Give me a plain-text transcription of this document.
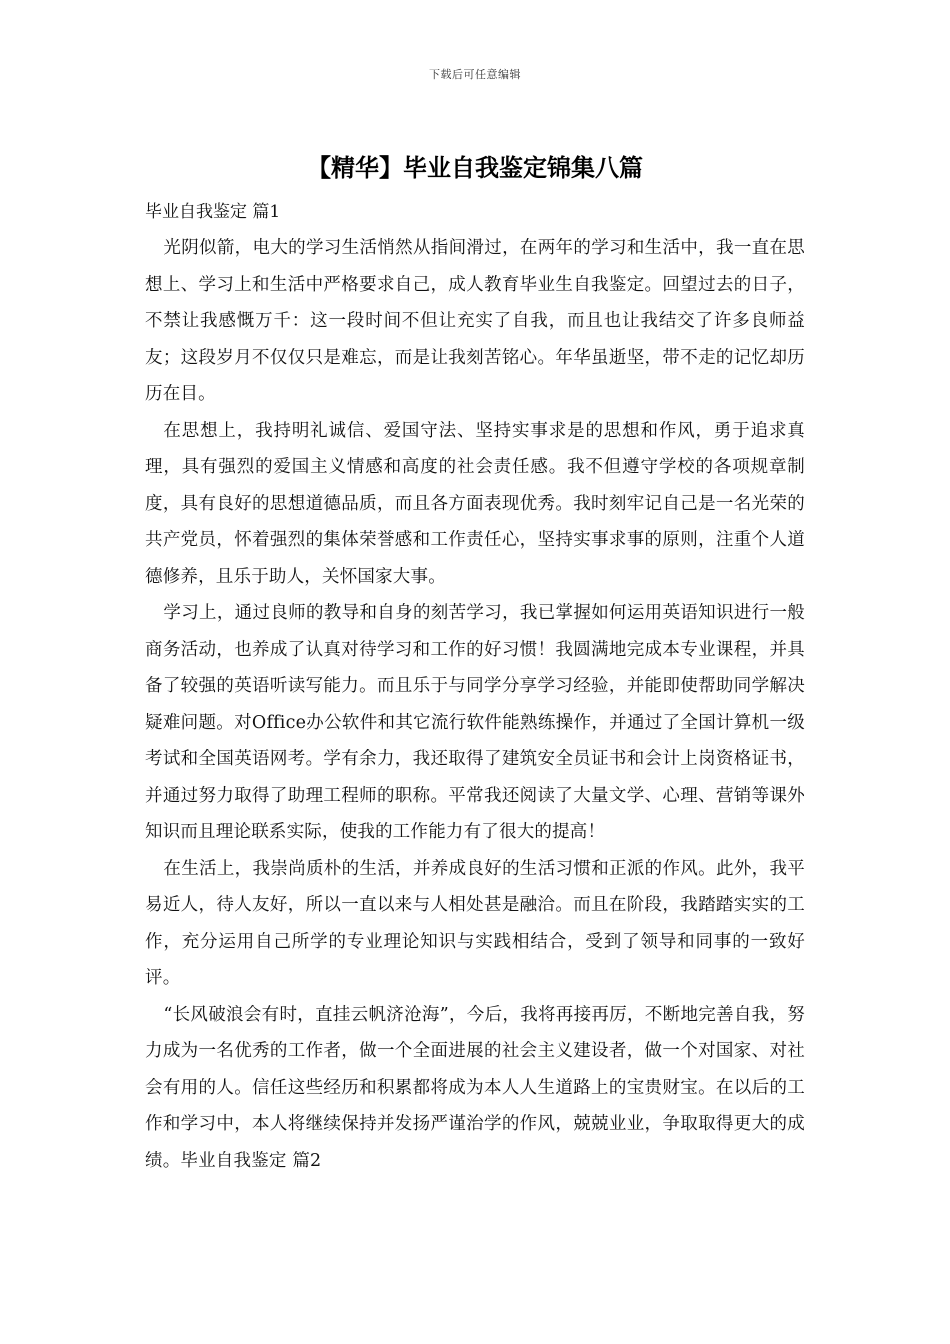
下载后可任意编辑
【精华】毕业自我鉴定锦集八篇
毕业自我鉴定 篇1

光阴似箭，电大的学习生活悄然从指间滑过，在两年的学习和生活中，我一直在思想上、学习上和生活中严格要求自己，成人教育毕业生自我鉴定。回望过去的日子，不禁让我感慨万千：这一段时间不但让充实了自我，而且也让我结交了许多良师益友；这段岁月不仅仅只是难忘，而是让我刻苦铭心。年华虽逝坚，带不走的记忆却历历在目。

在思想上，我持明礼诚信、爱国守法、坚持实事求是的思想和作风，勇于追求真理，具有强烈的爱国主义情感和高度的社会责任感。我不但遵守学校的各项规章制度，具有良好的思想道德品质，而且各方面表现优秀。我时刻牢记自己是一名光荣的共产党员，怀着强烈的集体荣誉感和工作责任心，坚持实事求事的原则，注重个人道德修养，且乐于助人，关怀国家大事。

学习上，通过良师的教导和自身的刻苦学习，我已掌握如何运用英语知识进行一般商务活动，也养成了认真对待学习和工作的好习惯！我圆满地完成本专业课程，并具备了较强的英语听读写能力。而且乐于与同学分享学习经验，并能即使帮助同学解决疑难问题。对Office办公软件和其它流行软件能熟练操作，并通过了全国计算机一级考试和全国英语网考。学有余力，我还取得了建筑安全员证书和会计上岗资格证书，并通过努力取得了助理工程师的职称。平常我还阅读了大量文学、心理、营销等课外知识而且理论联系实际，使我的工作能力有了很大的提高！

在生活上，我崇尚质朴的生活，并养成良好的生活习惯和正派的作风。此外，我平易近人，待人友好，所以一直以来与人相处甚是融洽。而且在阶段，我踏踏实实的工作，充分运用自己所学的专业理论知识与实践相结合，受到了领导和同事的一致好评。

“长风破浪会有时，直挂云帆济沧海”，今后，我将再接再厉，不断地完善自我，努力成为一名优秀的工作者，做一个全面进展的社会主义建设者，做一个对国家、对社会有用的人。信任这些经历和积累都将成为本人人生道路上的宝贵财宝。在以后的工作和学习中，本人将继续保持并发扬严谨治学的作风，兢兢业业，争取取得更大的成绩。毕业自我鉴定 篇2
